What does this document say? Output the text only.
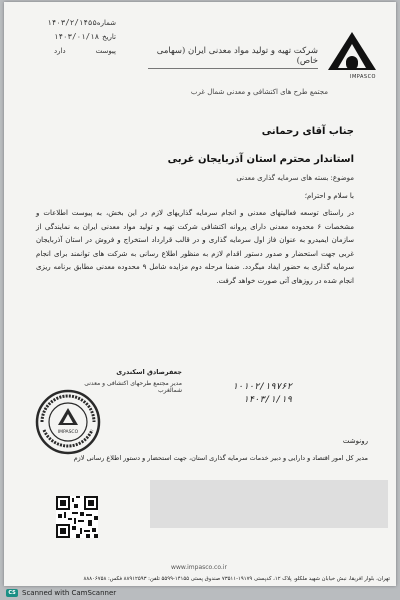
شماره
۱۴۰۳/۲/۱۴۵۵
تاریخ
۱۴۰۳/۰۱/۱۸
پیوست
دارد
IMPASCO
شرکت تهیه و تولید مواد معدنی ایران (سهامی خاص)
مجتمع طرح های اکتشافی و معدنی شمال غرب
جناب آقای رحمانی
استاندار محترم استان آذربایجان غربی
موضوع: بسته های سرمایه گذاری معدنی
با سلام و احترام؛

در راستای توسعه فعالیتهای معدنی و انجام سرمایه گذاریهای لازم در این بخش، به پیوست اطلاعات و مشخصات ۶ محدوده معدنی دارای پروانه اکتشافی شرکت تهیه و تولید مواد معدنی ایران به نمایندگی از سازمان ایمیدرو به عنوان فاز اول سرمایه گذاری و در قالب قرارداد استخراج و فروش در استان آذربایجان غربی جهت استحضار و صدور دستور اقدام لازم به منظور اطلاع رسانی به شرکت های توانمند برای انجام سرمایه گذاری به حضور ایفاد میگردد. ضمنا مرحله دوم مزایده شامل ۹ محدوده معدنی مطابق برنامه ریزی انجام شده در روزهای آتی صورت خواهد گرفت.

جعفرصادق اسکندری
مدیر مجتمع طرحهای اکتشافی و معدنی شمالغرب
IMPASCO
۱۰۱۰۲/۱۹۷۶۲
۱۴۰۳/۱/۱۹
رونوشت
مدیر کل امور اقتصاد و دارایی و دبیر خدمات سرمایه گذاری استان، جهت استحضار و دستور اطلاع رسانی لازم
www.impasco.co.ir
تهران، بلوار آفریقا، نبش خیابان شهید ملکلو، پلاک ۱۲، کدپستی ۱۹۱۷۹-۷۳۵۱۱ صندوق پستی ۱۴۱۵۵-۵۵۹۹ تلفن: ۸۸۹۱۲۵۹۳ فکس: ۸۸۸۰۶۷۵۸
CS Scanned with CamScanner
